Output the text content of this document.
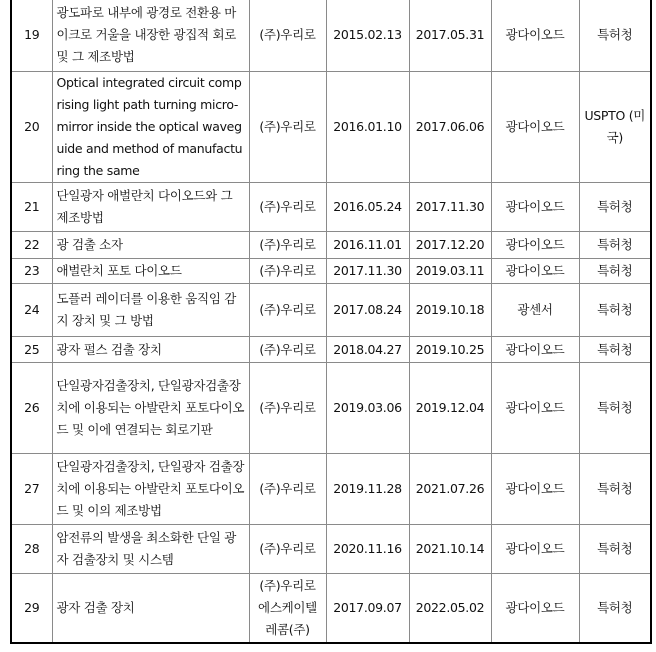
19	광도파로 내부에 광경로 전환용 마이크로 거울을 내장한 광집적 회로 및 그 제조방법	(주)우리로	2015.02.13	2017.05.31	광다이오드	특허청
20	Optical integrated circuit comprising light path turning micro-mirror inside the optical waveguide and method of manufacturing the same	(주)우리로	2016.01.10	2017.06.06	광다이오드	USPTO (미국)
21	단일광자 애벌란치 다이오드와 그 제조방법	(주)우리로	2016.05.24	2017.11.30	광다이오드	특허청
22	광 검출 소자	(주)우리로	2016.11.01	2017.12.20	광다이오드	특허청
23	애벌란치 포토 다이오드	(주)우리로	2017.11.30	2019.03.11	광다이오드	특허청
24	도플러 레이더를 이용한 움직임 감지 장치 및 그 방법	(주)우리로	2017.08.24	2019.10.18	광센서	특허청
25	광자 펄스 검출 장치	(주)우리로	2018.04.27	2019.10.25	광다이오드	특허청
26	단일광자검출장치, 단일광자검출장치에 이용되는 아발란치 포토다이오드 및 이에 연결되는 회로기판	(주)우리로	2019.03.06	2019.12.04	광다이오드	특허청
27	단일광자검출장치, 단일광자 검출장치에 이용되는 아발란치 포토다이오드 및 이의 제조방법	(주)우리로	2019.11.28	2021.07.26	광다이오드	특허청
28	암전류의 발생을 최소화한 단일 광자 검출장치 및 시스템	(주)우리로	2020.11.16	2021.10.14	광다이오드	특허청
29	광자 검출 장치	(주)우리로 에스케이텔레콤(주)	2017.09.07	2022.05.02	광다이오드	특허청
